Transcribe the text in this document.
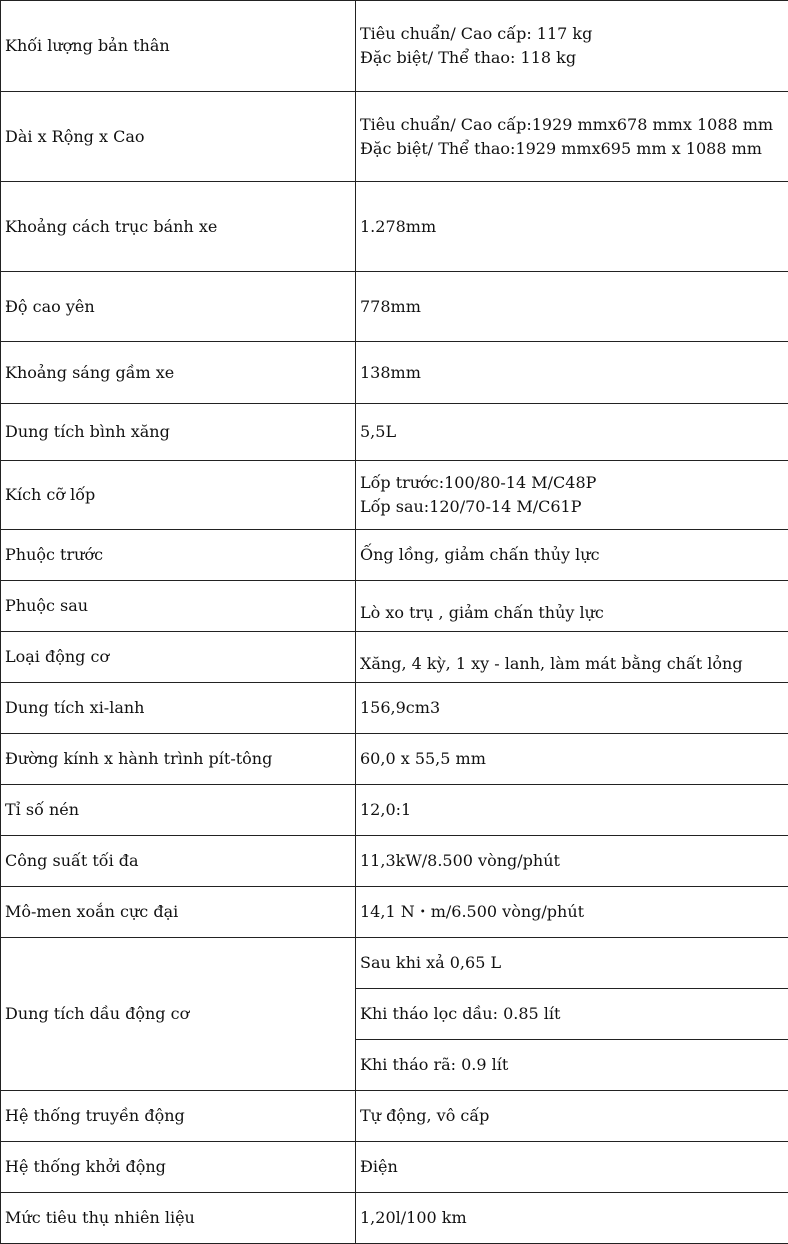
Khối lượng bản thân	Tiêu chuẩn/ Cao cấp: 117 kg
Đặc biệt/ Thể thao: 118 kg

Dài x Rộng x Cao	Tiêu chuẩn/ Cao cấp:1929 mmx678 mmx 1088 mm
Đặc biệt/ Thể thao:1929 mmx695 mm x 1088 mm

Khoảng cách trục bánh xe	1.278mm

Độ cao yên	778mm

Khoảng sáng gầm xe	138mm

Dung tích bình xăng	5,5L

Kích cỡ lốp	Lốp trước:100/80-14 M/C48P
Lốp sau:120/70-14 M/C61P

Phuộc trước	Ống lồng, giảm chấn thủy lực

Phuộc sau	Lò xo trụ , giảm chấn thủy lực

Loại động cơ	Xăng, 4 kỳ, 1 xy - lanh, làm mát bằng chất lỏng

Dung tích xi-lanh	156,9cm3

Đường kính x hành trình pít-tông	60,0 x 55,5 mm

Tỉ số nén	12,0:1

Công suất tối đa	11,3kW/8.500 vòng/phút

Mô-men xoắn cực đại	14,1 N・m/6.500 vòng/phút

Dung tích dầu động cơ	Sau khi xả 0,65 L

	Khi tháo lọc dầu: 0.85 lít

	Khi tháo rã: 0.9 lít

Hệ thống truyền động	Tự động, vô cấp

Hệ thống khởi động	Điện

Mức tiêu thụ nhiên liệu	1,20l/100 km
